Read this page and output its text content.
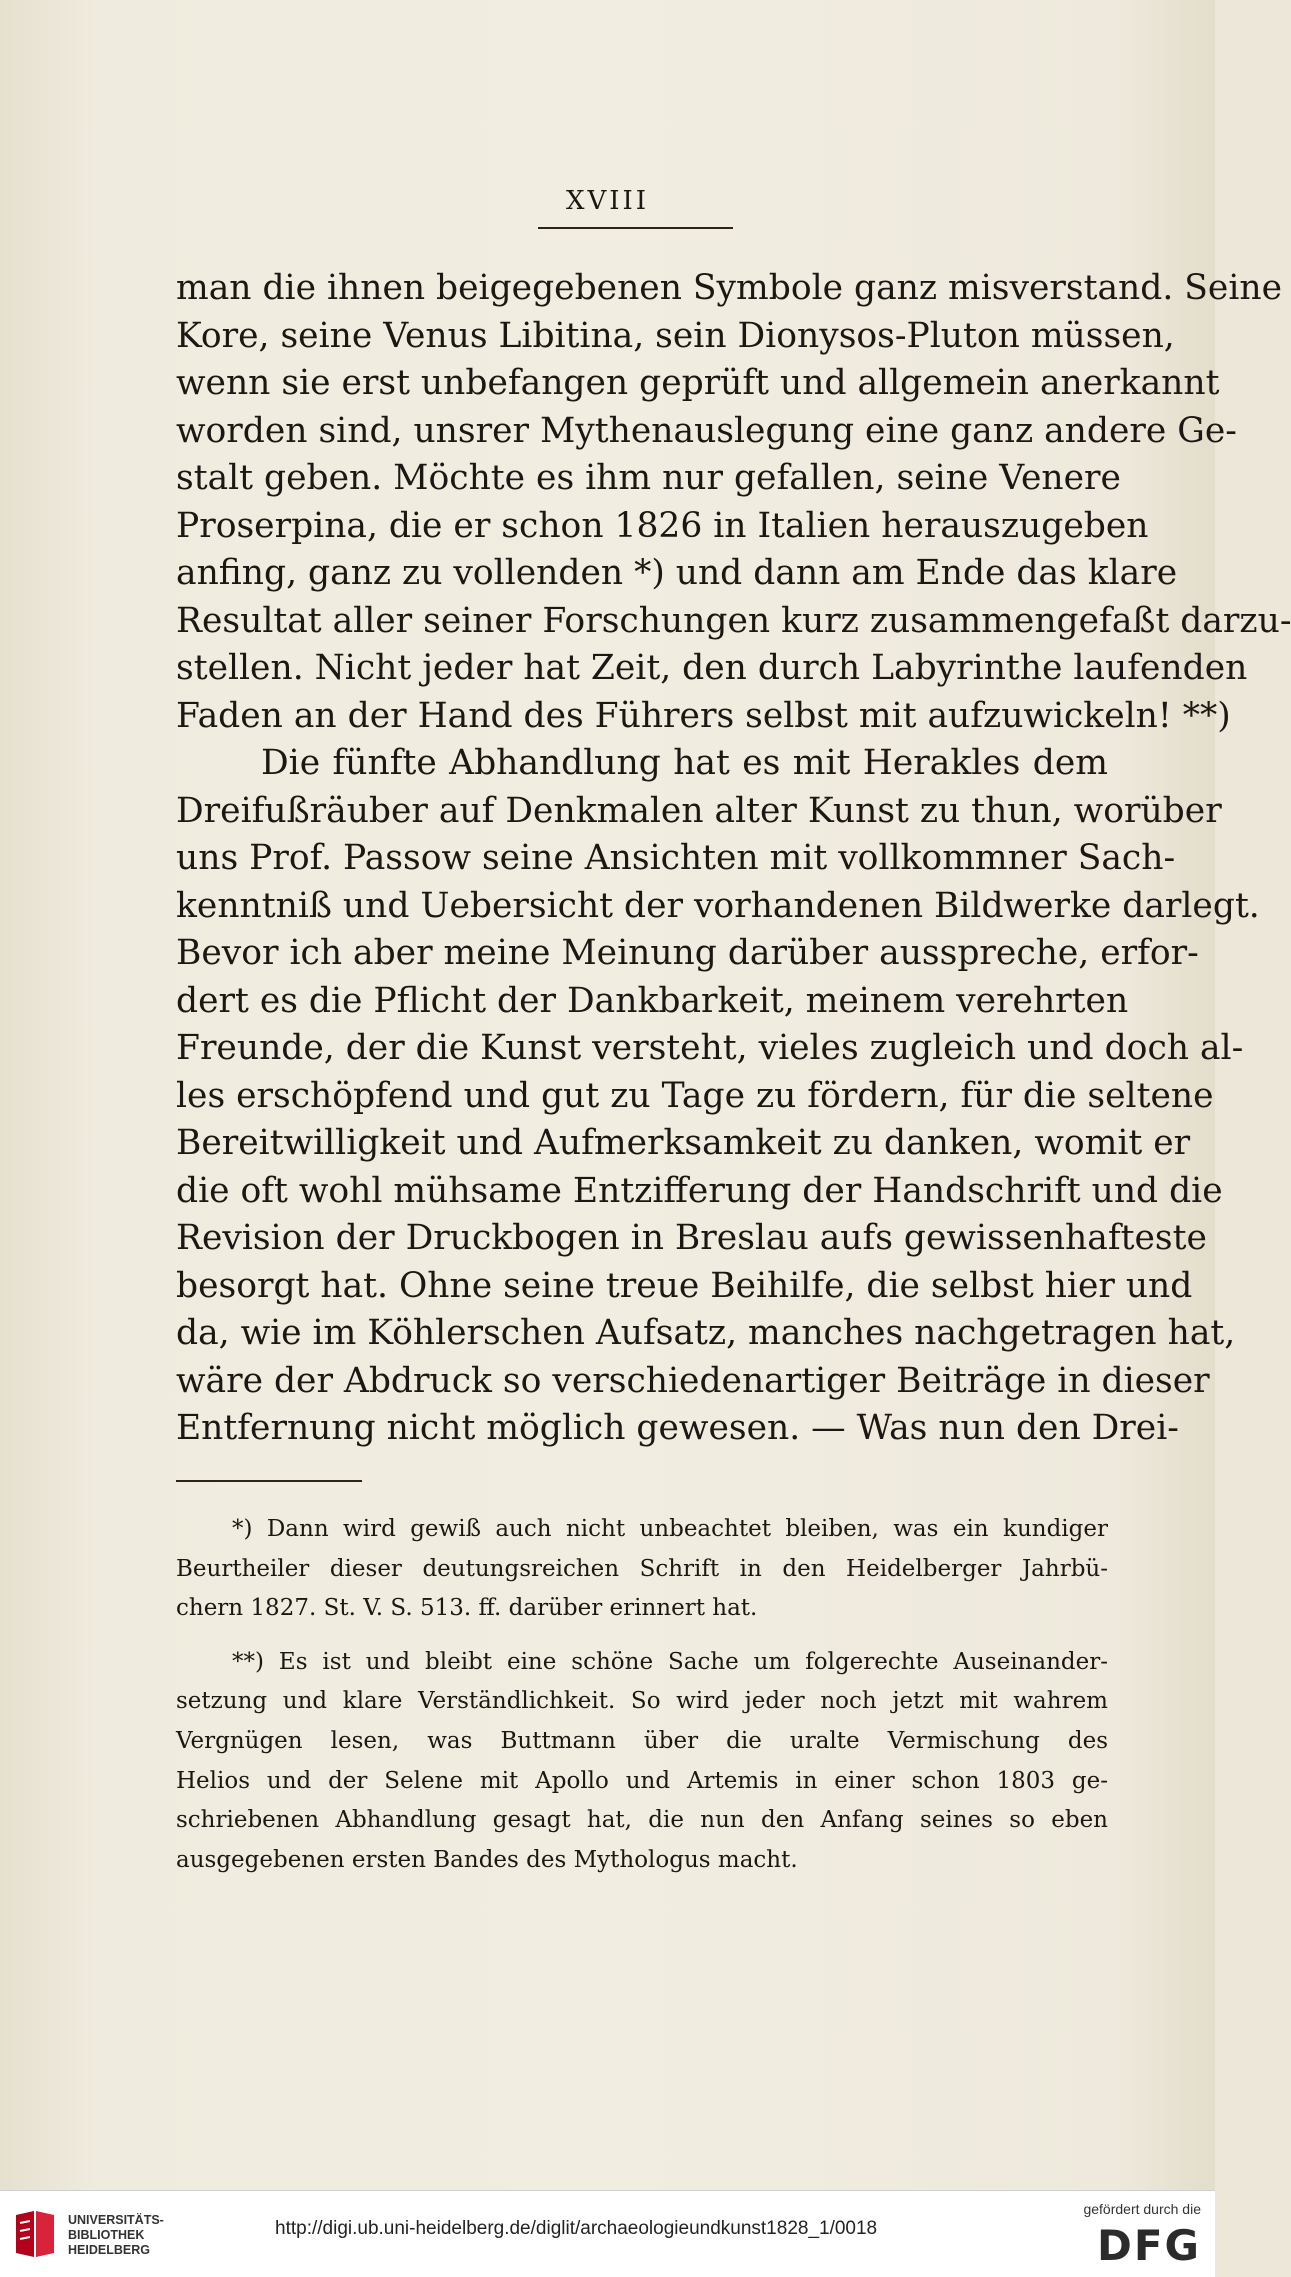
XVIII
man die ihnen beigegebenen Symbole ganz misverstand. Seine
Kore, seine Venus Libitina, sein Dionysos-Pluton müssen,
wenn sie erst unbefangen geprüft und allgemein anerkannt
worden sind, unsrer Mythenauslegung eine ganz andere Ge-
stalt geben. Möchte es ihm nur gefallen, seine Venere
Proserpina, die er schon 1826 in Italien herauszugeben
anfing, ganz zu vollenden *) und dann am Ende das klare
Resultat aller seiner Forschungen kurz zusammengefaßt darzu-
stellen. Nicht jeder hat Zeit, den durch Labyrinthe laufenden
Faden an der Hand des Führers selbst mit aufzuwickeln! **)
Die fünfte Abhandlung hat es mit Herakles dem
Dreifußräuber auf Denkmalen alter Kunst zu thun, worüber
uns Prof. Passow seine Ansichten mit vollkommner Sach-
kenntniß und Uebersicht der vorhandenen Bildwerke darlegt.
Bevor ich aber meine Meinung darüber ausspreche, erfor-
dert es die Pflicht der Dankbarkeit, meinem verehrten
Freunde, der die Kunst versteht, vieles zugleich und doch al-
les erschöpfend und gut zu Tage zu fördern, für die seltene
Bereitwilligkeit und Aufmerksamkeit zu danken, womit er
die oft wohl mühsame Entzifferung der Handschrift und die
Revision der Druckbogen in Breslau aufs gewissenhafteste
besorgt hat. Ohne seine treue Beihilfe, die selbst hier und
da, wie im Köhlerschen Aufsatz, manches nachgetragen hat,
wäre der Abdruck so verschiedenartiger Beiträge in dieser
Entfernung nicht möglich gewesen. — Was nun den Drei-
*) Dann wird gewiß auch nicht unbeachtet bleiben, was ein kundiger
Beurtheiler dieser deutungsreichen Schrift in den Heidelberger Jahrbü-
chern 1827. St. V. S. 513. ff. darüber erinnert hat.
**) Es ist und bleibt eine schöne Sache um folgerechte Auseinander-
setzung und klare Verständlichkeit. So wird jeder noch jetzt mit wahrem
Vergnügen lesen, was Buttmann über die uralte Vermischung des
Helios und der Selene mit Apollo und Artemis in einer schon 1803 ge-
schriebenen Abhandlung gesagt hat, die nun den Anfang seines so eben
ausgegebenen ersten Bandes des Mythologus macht.
UNIVERSITÄTS-
BIBLIOTHEK
HEIDELBERG
http://digi.ub.uni-heidelberg.de/diglit/archaeologieundkunst1828_1/0018
gefördert durch die
DFG
